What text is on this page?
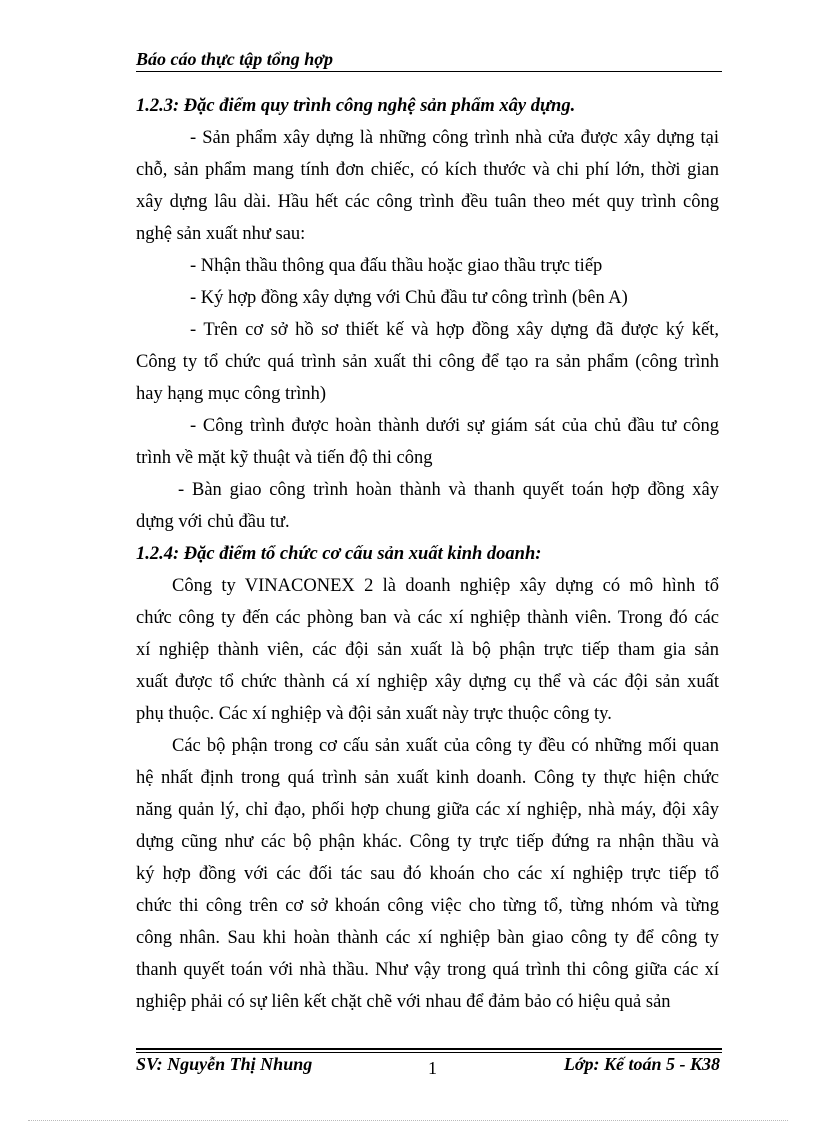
Báo cáo thực tập tổng hợp
1.2.3: Đặc điểm quy trình công nghệ sản phẩm xây dựng.
- Sản phẩm xây dựng là những công trình nhà cửa được xây dựng tại
chỗ, sản phẩm mang tính đơn chiếc, có kích thước và chi phí lớn, thời gian
xây dựng lâu dài. Hầu hết các công trình đều tuân theo mét quy trình công
nghệ sản xuất như sau:
- Nhận thầu thông qua đấu thầu hoặc giao thầu trực tiếp
- Ký hợp đồng xây dựng với Chủ đầu tư công trình (bên A)
- Trên cơ sở hồ sơ thiết kế và hợp đồng xây dựng đã được ký kết,
Công ty tổ chức quá trình sản xuất thi công để tạo ra sản phẩm (công trình
hay hạng mục công trình)
- Công trình được hoàn thành dưới sự giám sát của chủ đầu tư công
trình về mặt kỹ thuật và tiến độ thi công
- Bàn giao công trình hoàn thành và thanh quyết toán hợp đồng xây
dựng với chủ đầu tư.
1.2.4: Đặc điểm tổ chức cơ cấu sản xuất kinh doanh:
Công ty VINACONEX 2 là doanh nghiệp xây dựng có mô hình tổ
chức công ty đến các phòng ban và các xí nghiệp thành viên. Trong đó các
xí nghiệp thành viên, các đội sản xuất là bộ phận trực tiếp tham gia sản
xuất được tổ chức thành cá xí nghiệp xây dựng cụ thể và các đội sản xuất
phụ thuộc. Các xí nghiệp và đội sản xuất này trực thuộc công ty.
Các bộ phận trong cơ cấu sản xuất của công ty đều có những mối quan
hệ nhất định trong quá trình sản xuất kinh doanh. Công ty thực hiện chức
năng quản lý, chỉ đạo, phối hợp chung giữa các xí nghiệp, nhà máy, đội xây
dựng cũng như các bộ phận khác. Công ty trực tiếp đứng ra nhận thầu và
ký hợp đồng với các đối tác sau đó khoán cho các xí nghiệp trực tiếp tổ
chức thi công trên cơ sở khoán công việc cho từng tổ, từng nhóm và từng
công nhân. Sau khi hoàn thành các xí nghiệp bàn giao công ty để công ty
thanh quyết toán với nhà thầu. Như vậy trong quá trình thi công giữa các xí
nghiệp phải có sự liên kết chặt chẽ với nhau để đảm bảo có hiệu quả sản
SV: Nguyễn Thị Nhung	1	Lớp: Kế toán 5 - K38
